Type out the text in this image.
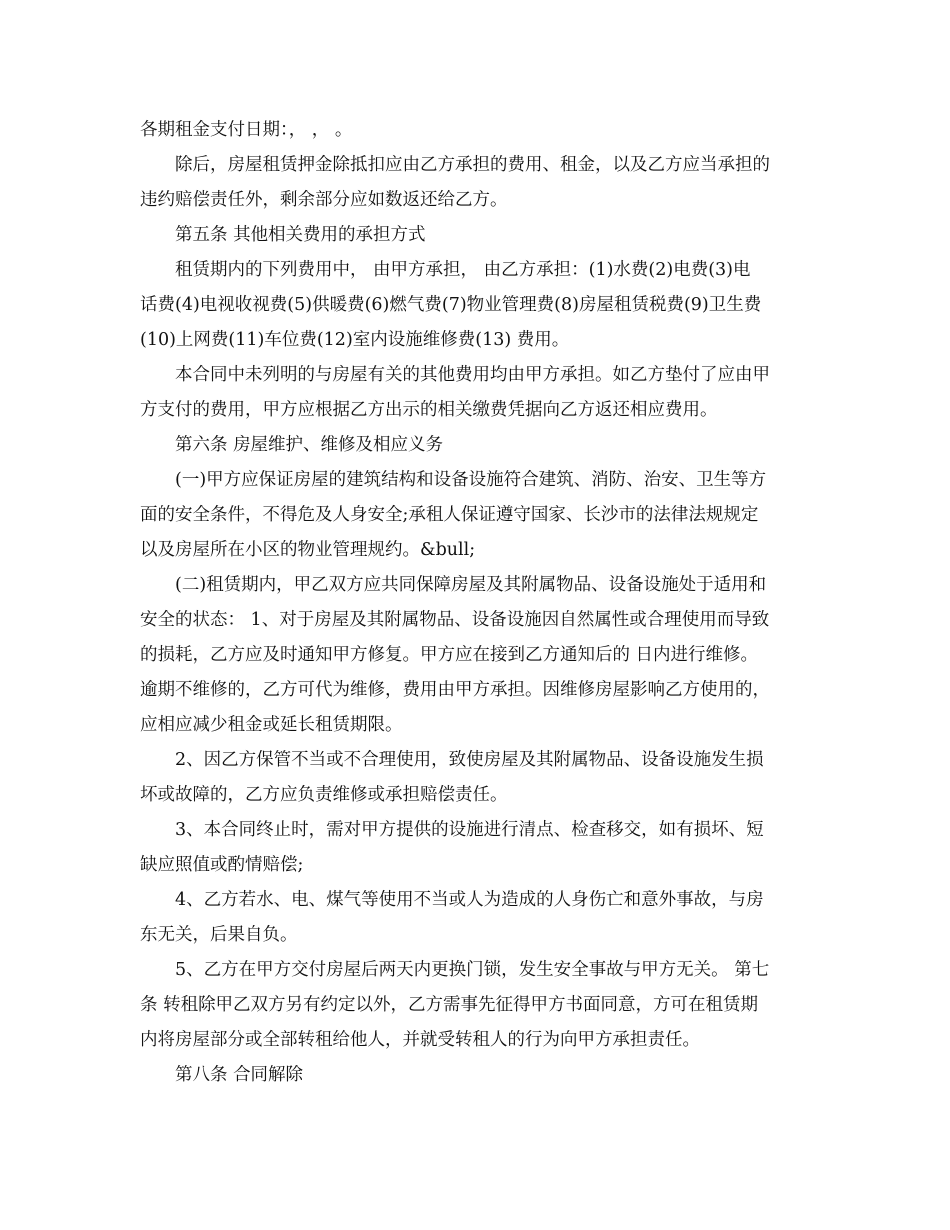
各期租金支付日期：， ， 。
除后，房屋租赁押金除抵扣应由乙方承担的费用、租金，以及乙方应当承担的
违约赔偿责任外，剩余部分应如数返还给乙方。
第五条 其他相关费用的承担方式
租赁期内的下列费用中， 由甲方承担， 由乙方承担：(1)水费(2)电费(3)电
话费(4)电视收视费(5)供暖费(6)燃气费(7)物业管理费(8)房屋租赁税费(9)卫生费
(10)上网费(11)车位费(12)室内设施维修费(13) 费用。
本合同中未列明的与房屋有关的其他费用均由甲方承担。如乙方垫付了应由甲
方支付的费用，甲方应根据乙方出示的相关缴费凭据向乙方返还相应费用。
第六条 房屋维护、维修及相应义务
(一)甲方应保证房屋的建筑结构和设备设施符合建筑、消防、治安、卫生等方
面的安全条件，不得危及人身安全;承租人保证遵守国家、长沙市的法律法规规定
以及房屋所在小区的物业管理规约。&bull;
(二)租赁期内，甲乙双方应共同保障房屋及其附属物品、设备设施处于适用和
安全的状态： 1、对于房屋及其附属物品、设备设施因自然属性或合理使用而导致
的损耗，乙方应及时通知甲方修复。甲方应在接到乙方通知后的 日内进行维修。
逾期不维修的，乙方可代为维修，费用由甲方承担。因维修房屋影响乙方使用的，
应相应减少租金或延长租赁期限。
2、因乙方保管不当或不合理使用，致使房屋及其附属物品、设备设施发生损
坏或故障的，乙方应负责维修或承担赔偿责任。
3、本合同终止时，需对甲方提供的设施进行清点、检查移交，如有损坏、短
缺应照值或酌情赔偿;
4、乙方若水、电、煤气等使用不当或人为造成的人身伤亡和意外事故，与房
东无关，后果自负。
5、乙方在甲方交付房屋后两天内更换门锁，发生安全事故与甲方无关。 第七
条 转租除甲乙双方另有约定以外，乙方需事先征得甲方书面同意，方可在租赁期
内将房屋部分或全部转租给他人，并就受转租人的行为向甲方承担责任。
第八条 合同解除
